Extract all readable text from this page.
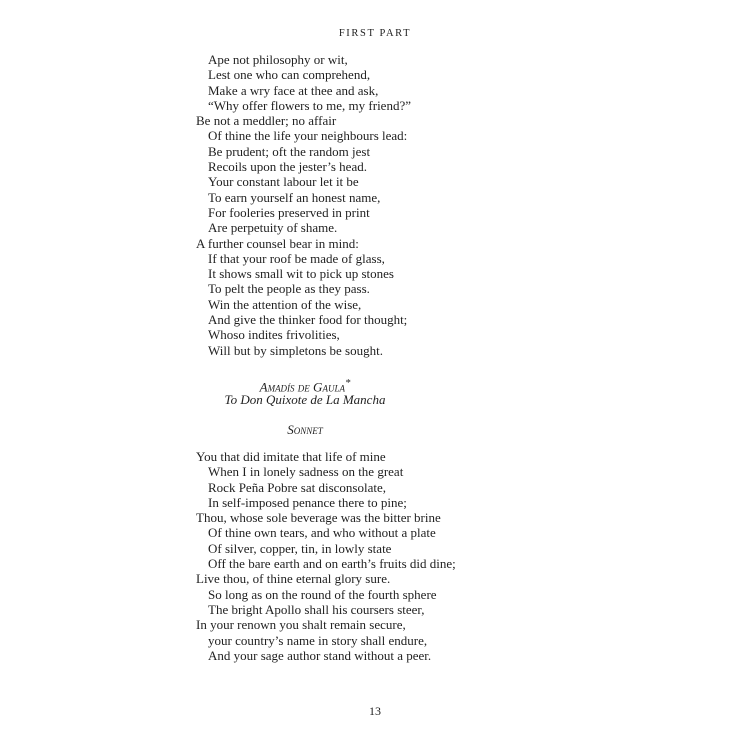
FIRST PART
Ape not philosophy or wit,
Lest one who can comprehend,
Make a wry face at thee and ask,
“Why offer flowers to me, my friend?”
Be not a meddler; no affair
Of thine the life your neighbours lead:
Be prudent; oft the random jest
Recoils upon the jester’s head.
Your constant labour let it be
To earn yourself an honest name,
For fooleries preserved in print
Are perpetuity of shame.
A further counsel bear in mind:
If that your roof be made of glass,
It shows small wit to pick up stones
To pelt the people as they pass.
Win the attention of the wise,
And give the thinker food for thought;
Whoso indites frivolities,
Will but by simpletons be sought.
Amadís de Gaula*
To Don Quixote de La Mancha
Sonnet
You that did imitate that life of mine
When I in lonely sadness on the great
Rock Peña Pobre sat disconsolate,
In self-imposed penance there to pine;
Thou, whose sole beverage was the bitter brine
Of thine own tears, and who without a plate
Of silver, copper, tin, in lowly state
Off the bare earth and on earth’s fruits did dine;
Live thou, of thine eternal glory sure.
So long as on the round of the fourth sphere
The bright Apollo shall his coursers steer,
In your renown you shalt remain secure,
your country’s name in story shall endure,
And your sage author stand without a peer.
13
